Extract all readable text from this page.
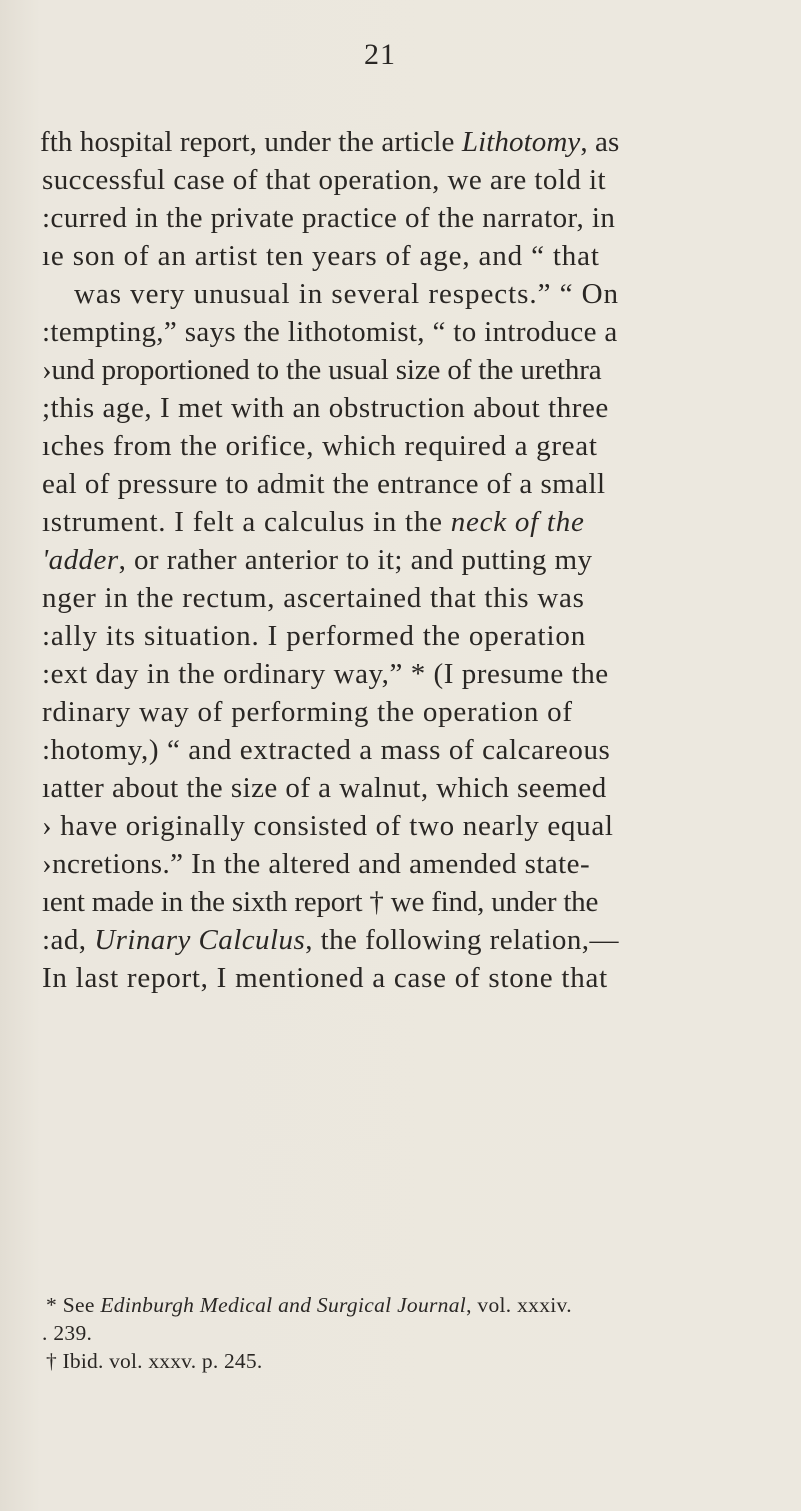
21
fth hospital report, under the article Lithotomy, as
successful case of that operation, we are told it
:curred in the private practice of the narrator, in
ıe son of an artist ten years of age, and “ that
was very unusual in several respects.” “ On
:tempting,” says the lithotomist, “ to introduce a
›und proportioned to the usual size of the urethra
;this age, I met with an obstruction about three
ıches from the orifice, which required a great
eal of pressure to admit the entrance of a small
ıstrument. I felt a calculus in the neck of the
'adder, or rather anterior to it; and putting my
nger in the rectum, ascertained that this was
:ally its situation. I performed the operation
:ext day in the ordinary way,” * (I presume the
rdinary way of performing the operation of
:hotomy,) “ and extracted a mass of calcareous
ıatter about the size of a walnut, which seemed
› have originally consisted of two nearly equal
›ncretions.” In the altered and amended state-
ıent made in the sixth report † we find, under the
:ad, Urinary Calculus, the following relation,—
In last report, I mentioned a case of stone that
* See Edinburgh Medical and Surgical Journal, vol. xxxiv.
. 239.
† Ibid. vol. xxxv. p. 245.
